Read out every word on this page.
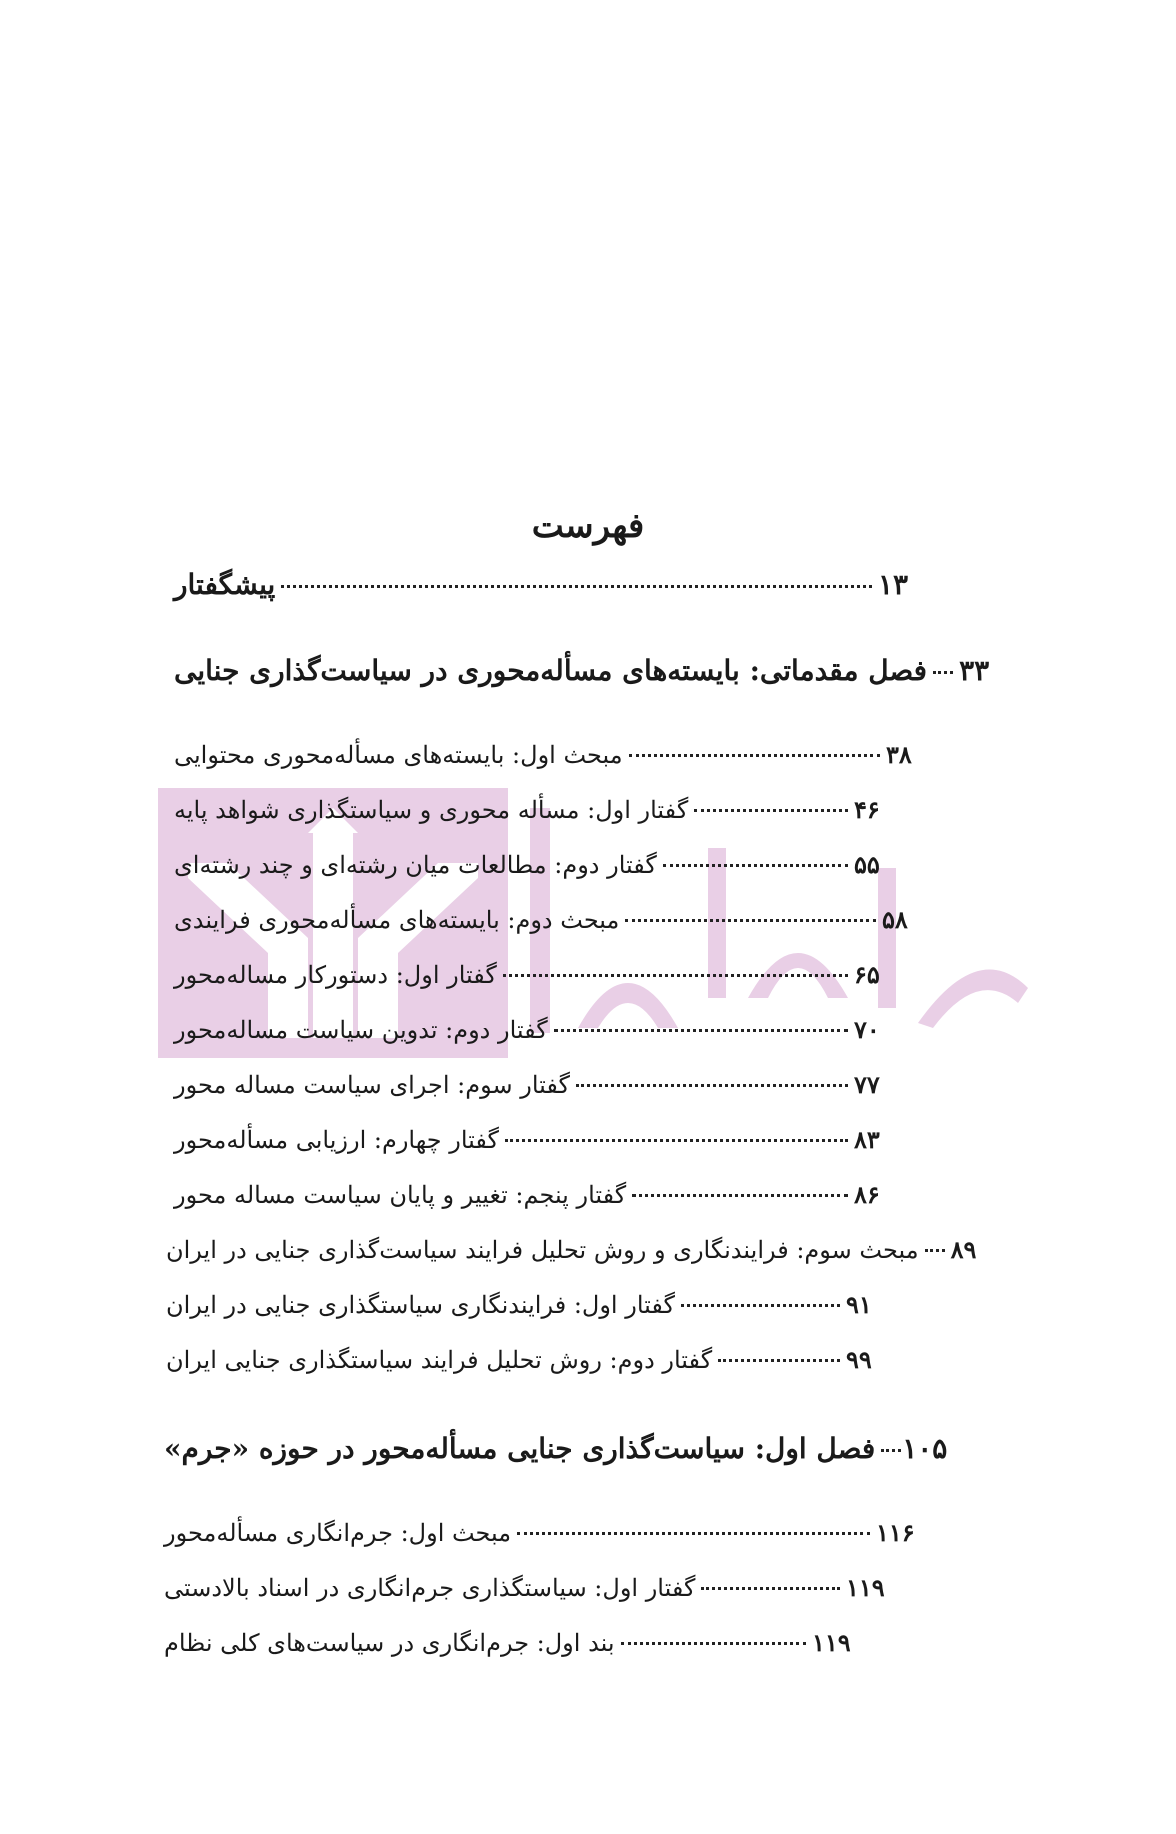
فهرست
پیشگفتار	۱۳
فصل مقدماتی: بایسته‌های مسأله‌محوری در سیاست‌گذاری جنایی ۳۳
مبحث اول: بایسته‌های مسأله‌محوری محتوایی	۳۸
گفتار اول: مسأله محوری و سیاستگذاری شواهد پایه	۴۶
گفتار دوم: مطالعات میان رشته‌ای و چند رشته‌ای	۵۵
مبحث دوم: بایسته‌های مسأله‌محوری فرایندی	۵۸
گفتار اول: دستورکار مساله‌محور	۶۵
گفتار دوم: تدوین سیاست مساله‌محور	۷۰
گفتار سوم: اجرای سیاست مساله محور	۷۷
گفتار چهارم: ارزیابی مسأله‌محور	۸۳
گفتار پنجم: تغییر و پایان سیاست مساله محور	۸۶
مبحث سوم: فرایندنگاری و روش تحلیل فرایند سیاست‌گذاری جنایی در ایران ۸۹
گفتار اول: فرایندنگاری سیاستگذاری جنایی در ایران	۹۱
گفتار دوم: روش تحلیل فرایند سیاستگذاری جنایی ایران	۹۹
فصل اول: سیاست‌گذاری جنایی مسأله‌محور در حوزه «جرم» ۱۰۵
مبحث اول: جرم‌انگاری مسأله‌محور	۱۱۶
گفتار اول: سیاستگذاری جرم‌انگاری در اسناد بالادستی	۱۱۹
بند اول: جرم‌انگاری در سیاست‌های کلی نظام	۱۱۹
